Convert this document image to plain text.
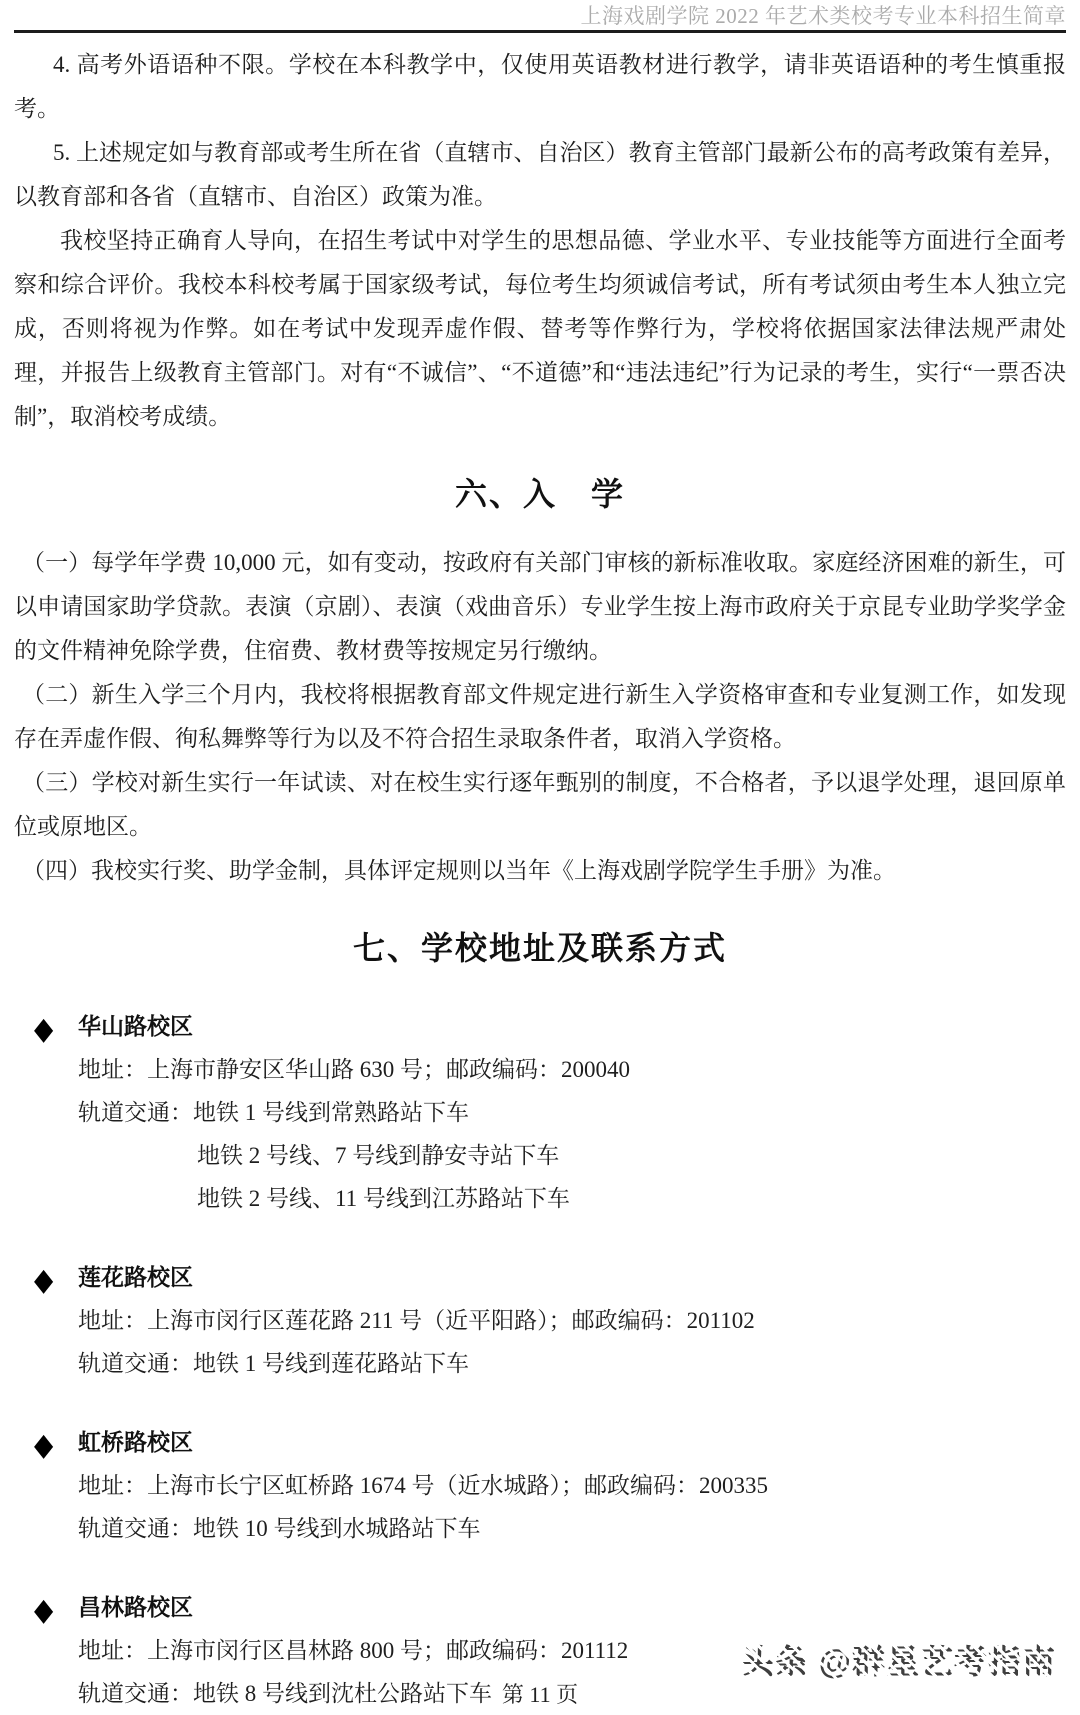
上海戏剧学院 2022 年艺术类校考专业本科招生简章

4. 高考外语语种不限。学校在本科教学中，仅使用英语教材进行教学，请非英语语种的考生慎重报考。

5. 上述规定如与教育部或考生所在省（直辖市、自治区）教育主管部门最新公布的高考政策有差异，以教育部和各省（直辖市、自治区）政策为准。

我校坚持正确育人导向，在招生考试中对学生的思想品德、学业水平、专业技能等方面进行全面考察和综合评价。我校本科校考属于国家级考试，每位考生均须诚信考试，所有考试须由考生本人独立完成，否则将视为作弊。如在考试中发现弄虚作假、替考等作弊行为，学校将依据国家法律法规严肃处理，并报告上级教育主管部门。对有“不诚信”、“不道德”和“违法违纪”行为记录的考生，实行“一票否决制”，取消校考成绩。

六、入　学

（一）每学年学费 10,000 元，如有变动，按政府有关部门审核的新标准收取。家庭经济困难的新生，可以申请国家助学贷款。表演（京剧）、表演（戏曲音乐）专业学生按上海市政府关于京昆专业助学奖学金的文件精神免除学费，住宿费、教材费等按规定另行缴纳。

（二）新生入学三个月内，我校将根据教育部文件规定进行新生入学资格审查和专业复测工作，如发现存在弄虚作假、徇私舞弊等行为以及不符合招生录取条件者，取消入学资格。

（三）学校对新生实行一年试读、对在校生实行逐年甄别的制度，不合格者，予以退学处理，退回原单位或原地区。

（四）我校实行奖、助学金制，具体评定规则以当年《上海戏剧学院学生手册》为准。

七、学校地址及联系方式
◆ 华山路校区
地址：上海市静安区华山路 630 号；邮政编码：200040
轨道交通：地铁 1 号线到常熟路站下车
地铁 2 号线、7 号线到静安寺站下车
地铁 2 号线、11 号线到江苏路站下车
◆ 莲花路校区
地址：上海市闵行区莲花路 211 号（近平阳路）；邮政编码：201102
轨道交通：地铁 1 号线到莲花路站下车
◆ 虹桥路校区
地址：上海市长宁区虹桥路 1674 号（近水城路）；邮政编码：200335
轨道交通：地铁 10 号线到水城路站下车
◆ 昌林路校区
地址：上海市闵行区昌林路 800 号；邮政编码：201112
轨道交通：地铁 8 号线到沈杜公路站下车 第 11 页
头条 @群星艺考指南
